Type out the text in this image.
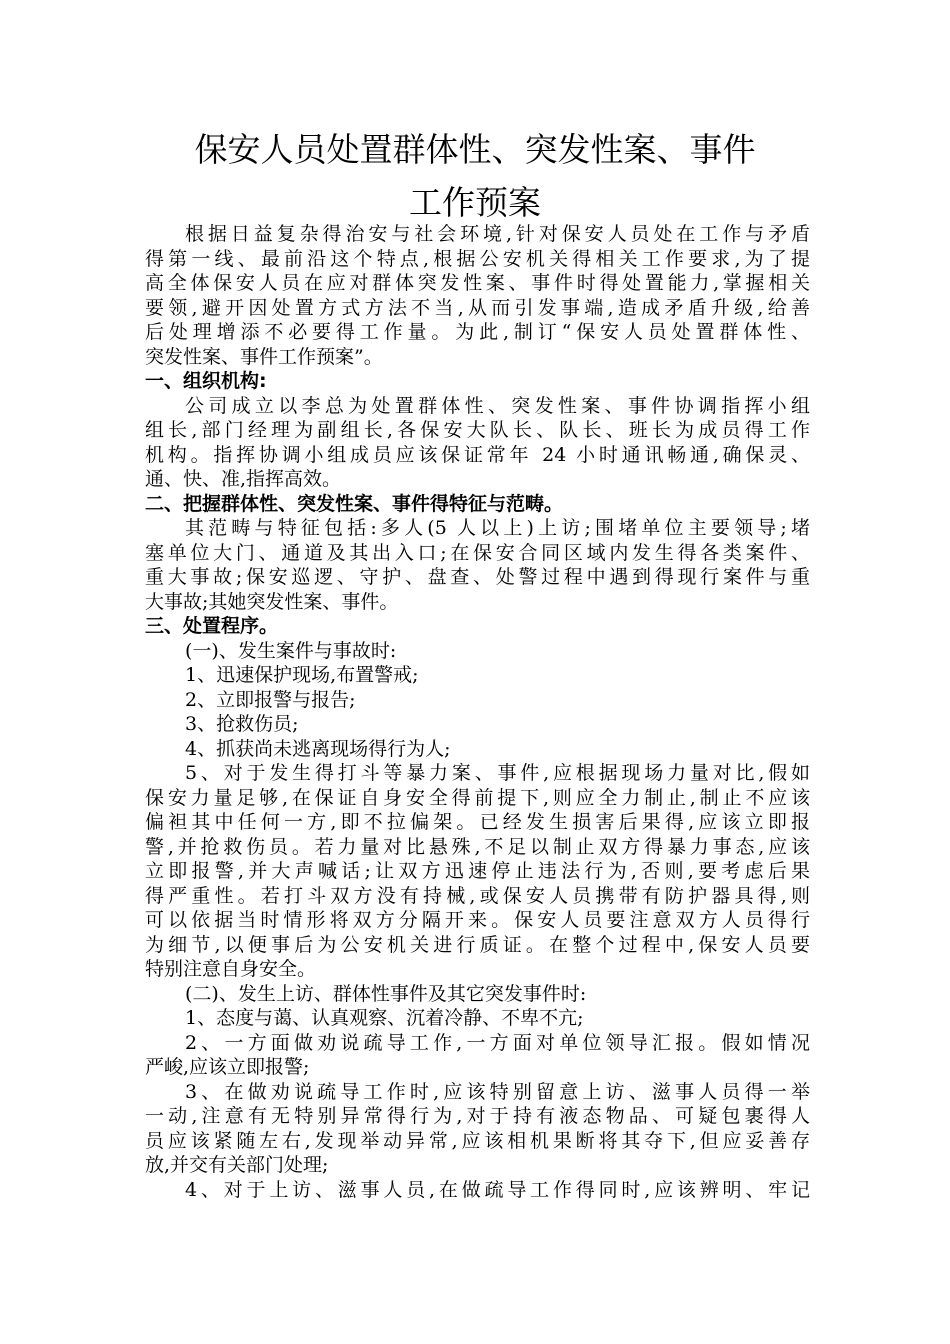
保安人员处置群体性、突发性案、事件
工作预案
根据日益复杂得治安与社会环境,针对保安人员处在工作与矛盾
得第一线、最前沿这个特点,根据公安机关得相关工作要求,为了提
高全体保安人员在应对群体突发性案、事件时得处置能力,掌握相关
要领,避开因处置方式方法不当,从而引发事端,造成矛盾升级,给善
后处理增添不必要得工作量。为此,制订“保安人员处置群体性、
突发性案、事件工作预案”。
一、组织机构:
公司成立以李总为处置群体性、突发性案、事件协调指挥小组
组长,部门经理为副组长,各保安大队长、队长、班长为成员得工作
机构。指挥协调小组成员应该保证常年 24 小时通讯畅通,确保灵、
通、快、准,指挥高效。
二、把握群体性、突发性案、事件得特征与范畴。
其范畴与特征包括:多人(5 人以上)上访;围堵单位主要领导;堵
塞单位大门、通道及其出入口;在保安合同区域内发生得各类案件、
重大事故;保安巡逻、守护、盘查、处警过程中遇到得现行案件与重
大事故;其她突发性案、事件。
三、处置程序。
(一)、发生案件与事故时:
1、迅速保护现场,布置警戒;
2、立即报警与报告;
3、抢救伤员;
4、抓获尚未逃离现场得行为人;
5、对于发生得打斗等暴力案、事件,应根据现场力量对比,假如
保安力量足够,在保证自身安全得前提下,则应全力制止,制止不应该
偏袒其中任何一方,即不拉偏架。已经发生损害后果得,应该立即报
警,并抢救伤员。若力量对比悬殊,不足以制止双方得暴力事态,应该
立即报警,并大声喊话;让双方迅速停止违法行为,否则,要考虑后果
得严重性。若打斗双方没有持械,或保安人员携带有防护器具得,则
可以依据当时情形将双方分隔开来。保安人员要注意双方人员得行
为细节,以便事后为公安机关进行质证。在整个过程中,保安人员要
特别注意自身安全。
(二)、发生上访、群体性事件及其它突发事件时:
1、态度与蔼、认真观察、沉着冷静、不卑不亢;
2、一方面做劝说疏导工作,一方面对单位领导汇报。假如情况
严峻,应该立即报警;
3、在做劝说疏导工作时,应该特别留意上访、滋事人员得一举
一动,注意有无特别异常得行为,对于持有液态物品、可疑包裹得人
员应该紧随左右,发现举动异常,应该相机果断将其夺下,但应妥善存
放,并交有关部门处理;
4、对于上访、滋事人员,在做疏导工作得同时,应该辨明、牢记
